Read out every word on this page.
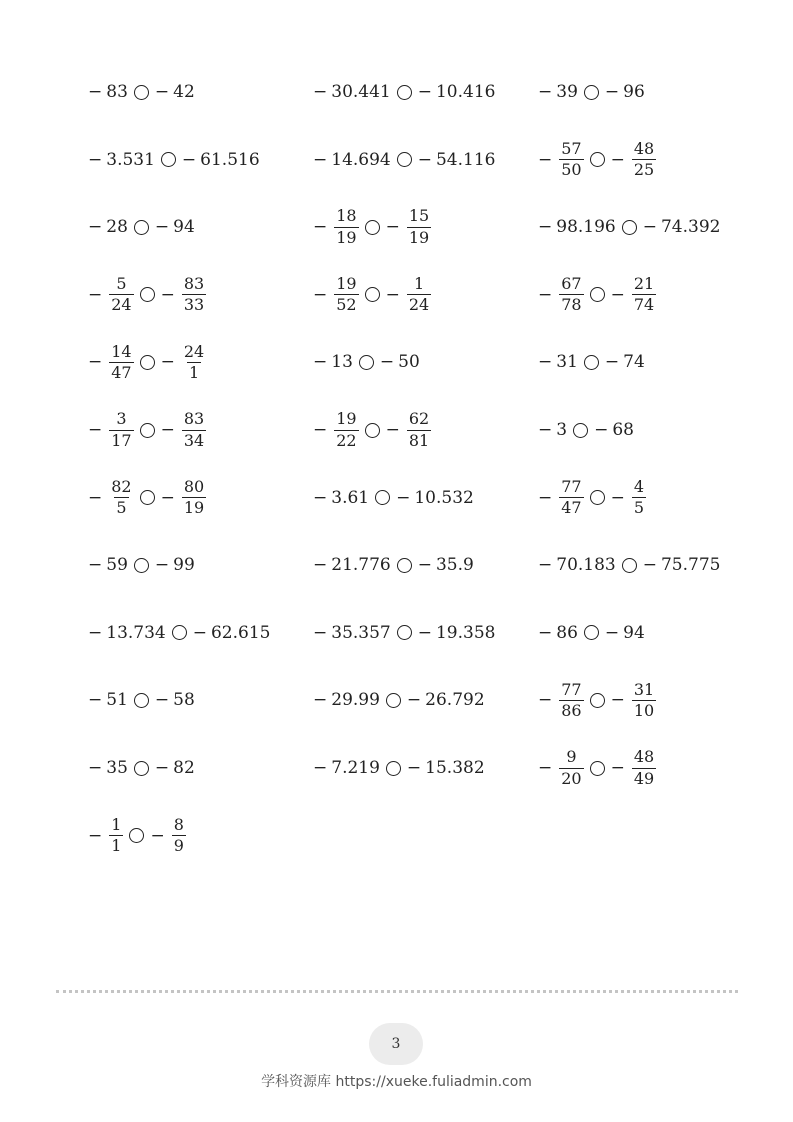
− 83 − 42	− 30.441 − 10.416	− 39 − 96
− 3.531 − 61.516	− 14.694 − 54.116	− $\frac{57}{50} - \frac{48}{25}$
− 28 − 94	− $\frac{18}{19} - \frac{15}{19}$	− 98.196 − 74.392
− $\frac{5}{24} - \frac{83}{33}$	− $\frac{19}{52} - \frac{1}{24}$	− $\frac{67}{78} - \frac{21}{74}$
− $\frac{14}{47} - \frac{24}{1}$	− 13 − 50	− 31 − 74
− $\frac{3}{17} - \frac{83}{34}$	− $\frac{19}{22} - \frac{62}{81}$	− 3 − 68
− $\frac{82}{5} - \frac{80}{19}$	− 3.61 − 10.532	− $\frac{77}{47} - \frac{4}{5}$
− 59 − 99	− 21.776 − 35.9	− 70.183 − 75.775
− 13.734 − 62.615	− 35.357 − 19.358	− 86 − 94
− 51 − 58	− 29.99 − 26.792	− $\frac{77}{86} - \frac{31}{10}$
− 35 − 82	− 7.219 − 15.382	− $\frac{9}{20} - \frac{48}{49}$
− $\frac{1}{1} - \frac{8}{9}$
3
学科资源库 https://xueke.fuliadmin.com
